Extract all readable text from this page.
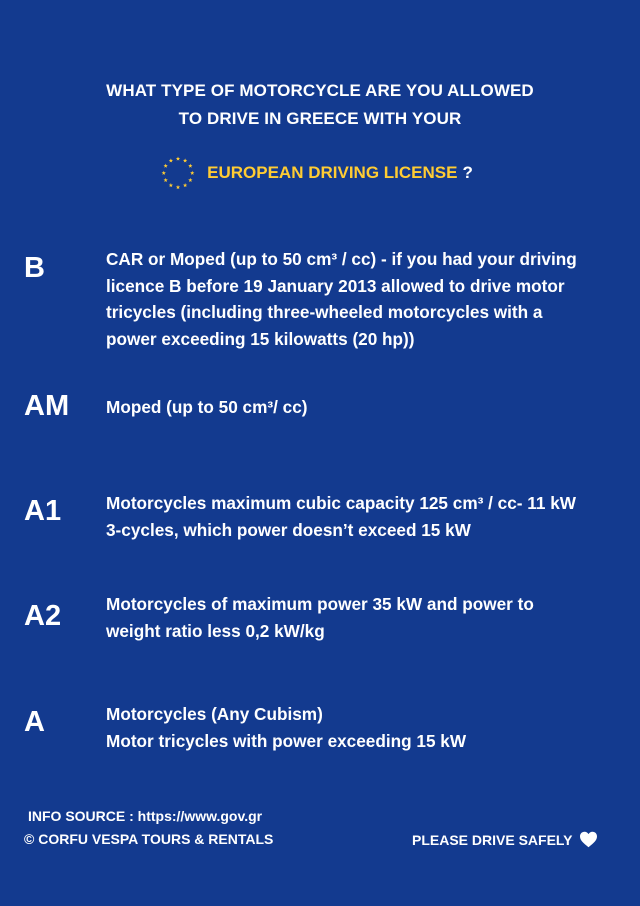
WHAT TYPE OF MOTORCYCLE ARE YOU ALLOWED
TO DRIVE IN GREECE WITH YOUR
EUROPEAN DRIVING LICENSE ?
B	CAR or Moped (up to 50 cm³ / cc) - if you had your driving
licence B before 19 January 2013 allowed to drive motor
tricycles (including three-wheeled motorcycles with a
power exceeding 15 kilowatts (20 hp))
AM Moped (up to 50 cm³/ cc)
A1	Motorcycles maximum cubic capacity 125 cm³ / cc- 11 kW
3-cycles, which power doesn’t exceed 15 kW
A2	Motorcycles of maximum power 35 kW and power to
weight ratio less 0,2 kW/kg
A	Motorcycles (Any Cubism)
Motor tricycles with power exceeding 15 kW
INFO SOURCE : https://www.gov.gr
© CORFU VESPA TOURS & RENTALS	PLEASE DRIVE SAFELY
